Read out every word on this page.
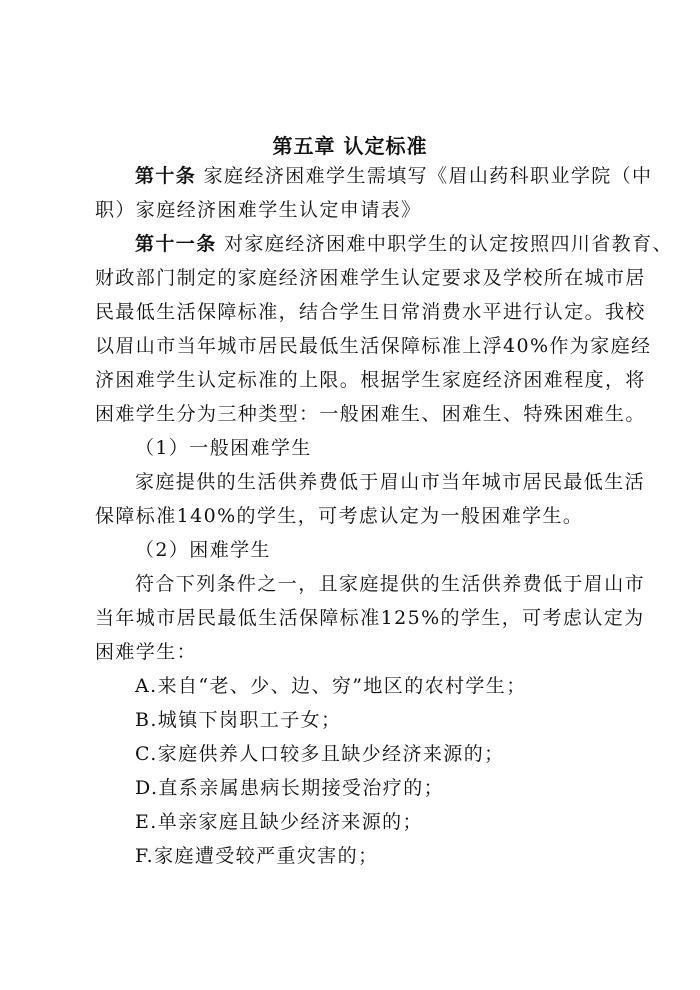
第五章 认定标准
第十条 家庭经济困难学生需填写《眉山药科职业学院（中
职）家庭经济困难学生认定申请表》
第十一条 对家庭经济困难中职学生的认定按照四川省教育、
财政部门制定的家庭经济困难学生认定要求及学校所在城市居
民最低生活保障标准，结合学生日常消费水平进行认定。我校
以眉山市当年城市居民最低生活保障标准上浮40%作为家庭经
济困难学生认定标准的上限。根据学生家庭经济困难程度，将
困难学生分为三种类型：一般困难生、困难生、特殊困难生。
（1）一般困难学生
家庭提供的生活供养费低于眉山市当年城市居民最低生活
保障标准140%的学生，可考虑认定为一般困难学生。
（2）困难学生
符合下列条件之一，且家庭提供的生活供养费低于眉山市
当年城市居民最低生活保障标准125%的学生，可考虑认定为
困难学生：
A.来自“老、少、边、穷”地区的农村学生；
B.城镇下岗职工子女；
C.家庭供养人口较多且缺少经济来源的；
D.直系亲属患病长期接受治疗的；
E.单亲家庭且缺少经济来源的；
F.家庭遭受较严重灾害的；
